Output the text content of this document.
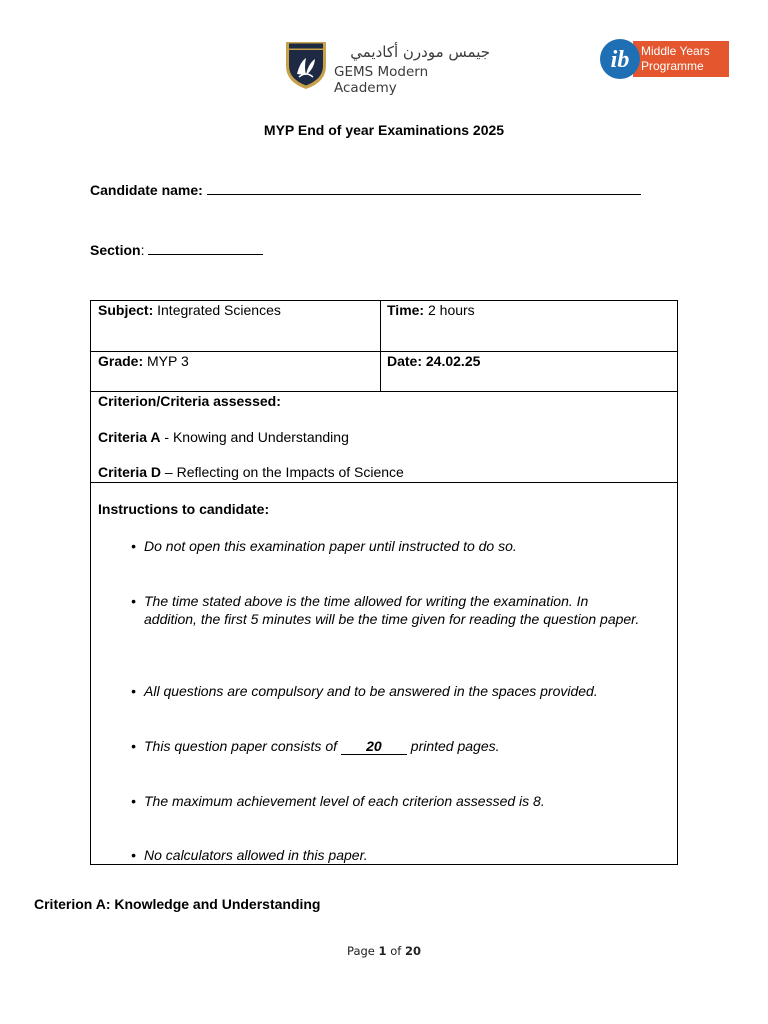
جيمس مودرن أكاديمي
GEMS Modern Academy
Middle Years
Programme
ib
MYP End of year Examinations 2025
Candidate name:
Section:
Subject: Integrated Sciences	Time: 2 hours
Grade: MYP 3	Date: 24.02.25
Criterion/Criteria assessed:
Criteria A - Knowing and Understanding
Criteria D – Reflecting on the Impacts of Science
Instructions to candidate:
• Do not open this examination paper until instructed to do so.
• The time stated above is the time allowed for writing the examination. In addition, the first 5 minutes will be the time given for reading the question paper.
• All questions are compulsory and to be answered in the spaces provided.
• This question paper consists of 20 printed pages.
• The maximum achievement level of each criterion assessed is 8.
• No calculators allowed in this paper.
Criterion A: Knowledge and Understanding
Page 1 of 20
